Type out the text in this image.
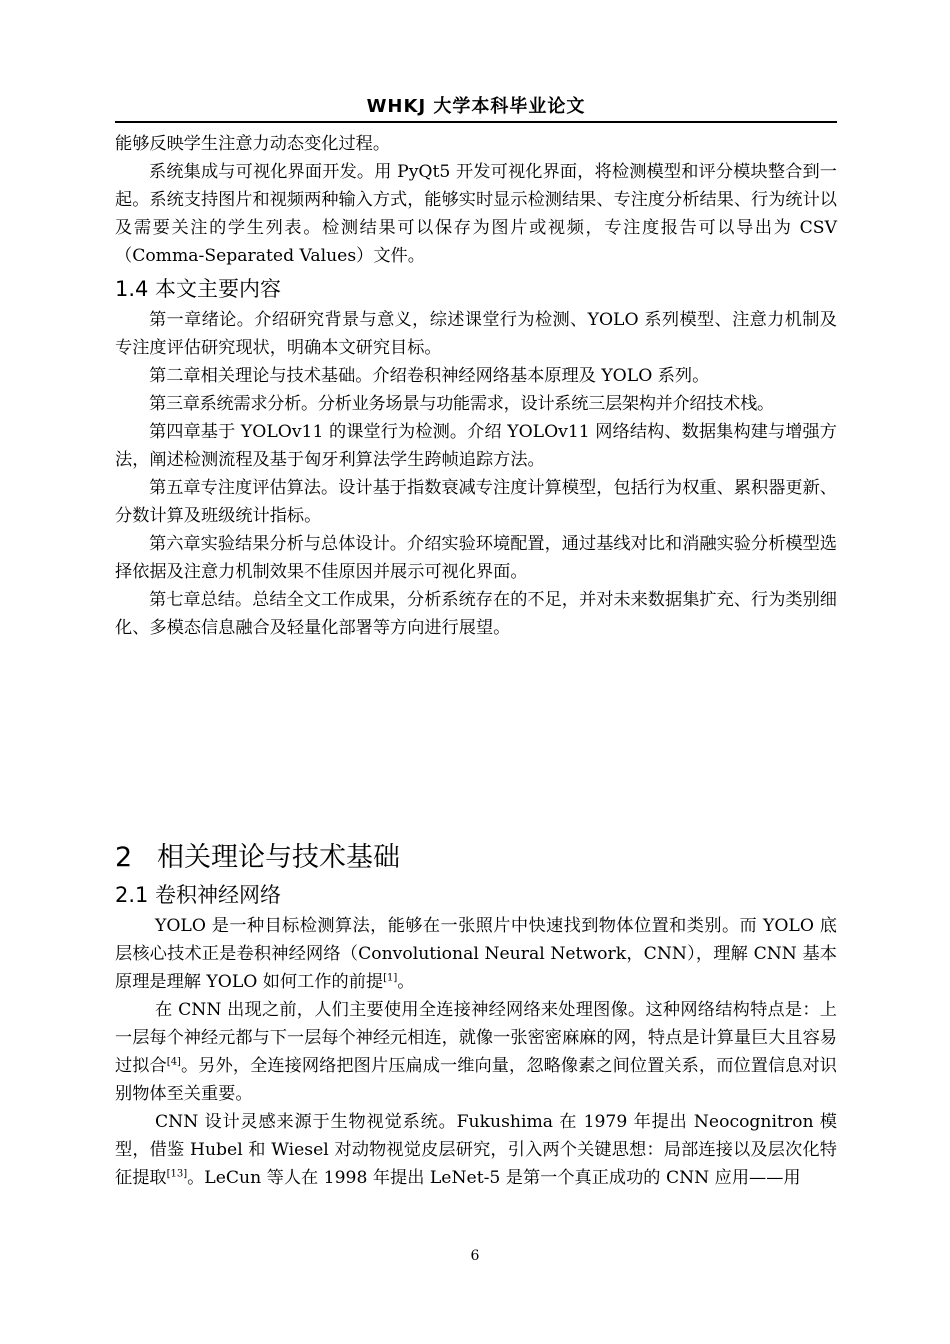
WHKJ 大学本科毕业论文

能够反映学生注意力动态变化过程。

系统集成与可视化界面开发。用 PyQt5 开发可视化界面，将检测模型和评分模块整合到一起。系统支持图片和视频两种输入方式，能够实时显示检测结果、专注度分析结果、行为统计以及需要关注的学生列表。检测结果可以保存为图片或视频，专注度报告可以导出为 CSV（Comma-Separated Values）文件。

1.4 本文主要内容

第一章绪论。介绍研究背景与意义，综述课堂行为检测、YOLO 系列模型、注意力机制及专注度评估研究现状，明确本文研究目标。

第二章相关理论与技术基础。介绍卷积神经网络基本原理及 YOLO 系列。

第三章系统需求分析。分析业务场景与功能需求，设计系统三层架构并介绍技术栈。

第四章基于 YOLOv11 的课堂行为检测。介绍 YOLOv11 网络结构、数据集构建与增强方法，阐述检测流程及基于匈牙利算法学生跨帧追踪方法。

第五章专注度评估算法。设计基于指数衰减专注度计算模型，包括行为权重、累积器更新、分数计算及班级统计指标。

第六章实验结果分析与总体设计。介绍实验环境配置，通过基线对比和消融实验分析模型选择依据及注意力机制效果不佳原因并展示可视化界面。

第七章总结。总结全文工作成果，分析系统存在的不足，并对未来数据集扩充、行为类别细化、多模态信息融合及轻量化部署等方向进行展望。

2 相关理论与技术基础
2.1 卷积神经网络

YOLO 是一种目标检测算法，能够在一张照片中快速找到物体位置和类别。而 YOLO 底层核心技术正是卷积神经网络（Convolutional Neural Network，CNN），理解 CNN 基本原理是理解 YOLO 如何工作的前提[1]。

在 CNN 出现之前，人们主要使用全连接神经网络来处理图像。这种网络结构特点是：上一层每个神经元都与下一层每个神经元相连，就像一张密密麻麻的网，特点是计算量巨大且容易过拟合[4]。另外，全连接网络把图片压扁成一维向量，忽略像素之间位置关系，而位置信息对识别物体至关重要。

CNN 设计灵感来源于生物视觉系统。Fukushima 在 1979 年提出 Neocognitron 模型，借鉴 Hubel 和 Wiesel 对动物视觉皮层研究，引入两个关键思想：局部连接以及层次化特征提取[13]。LeCun 等人在 1998 年提出 LeNet-5 是第一个真正成功的 CNN 应用——用

6
